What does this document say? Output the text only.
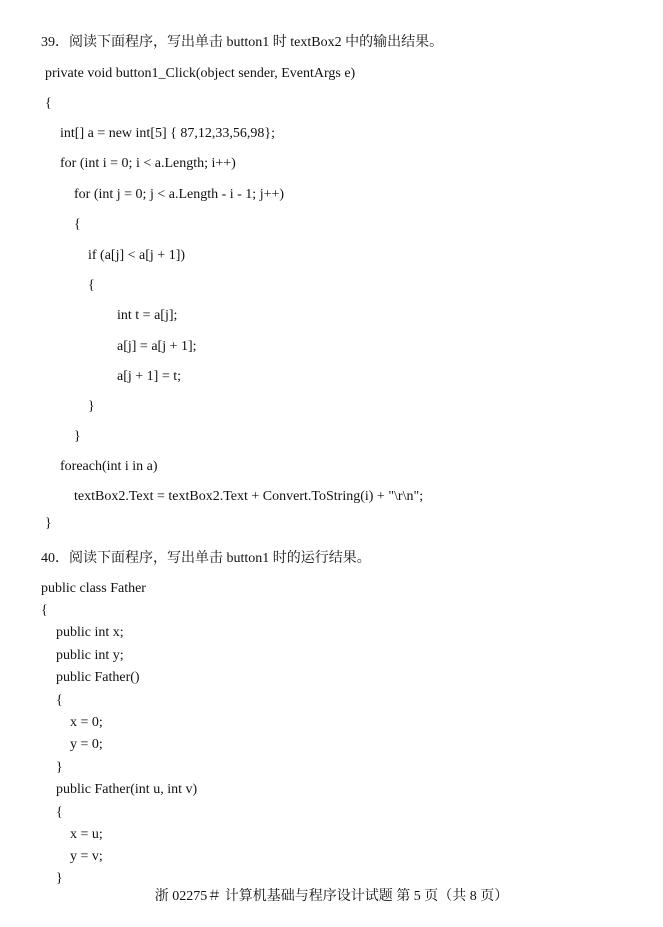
39．阅读下面程序，写出单击 button1 时 textBox2 中的输出结果。
private void button1_Click(object sender, EventArgs e)
{
int[] a = new int[5] { 87,12,33,56,98};
for (int i = 0; i < a.Length; i++)
for (int j = 0; j < a.Length - i - 1; j++)
{
if (a[j] < a[j + 1])
{
int t = a[j];
a[j] = a[j + 1];
a[j + 1] = t;
}
}
foreach(int i in a)
textBox2.Text = textBox2.Text + Convert.ToString(i) + "\r\n";
}
40．阅读下面程序，写出单击 button1 时的运行结果。
public class Father
{
public int x;
public int y;
public Father()
{
x = 0;
y = 0;
}
public Father(int u, int v)
{
x = u;
y = v;
}
浙 02275＃ 计算机基础与程序设计试题 第 5 页（共 8 页）
